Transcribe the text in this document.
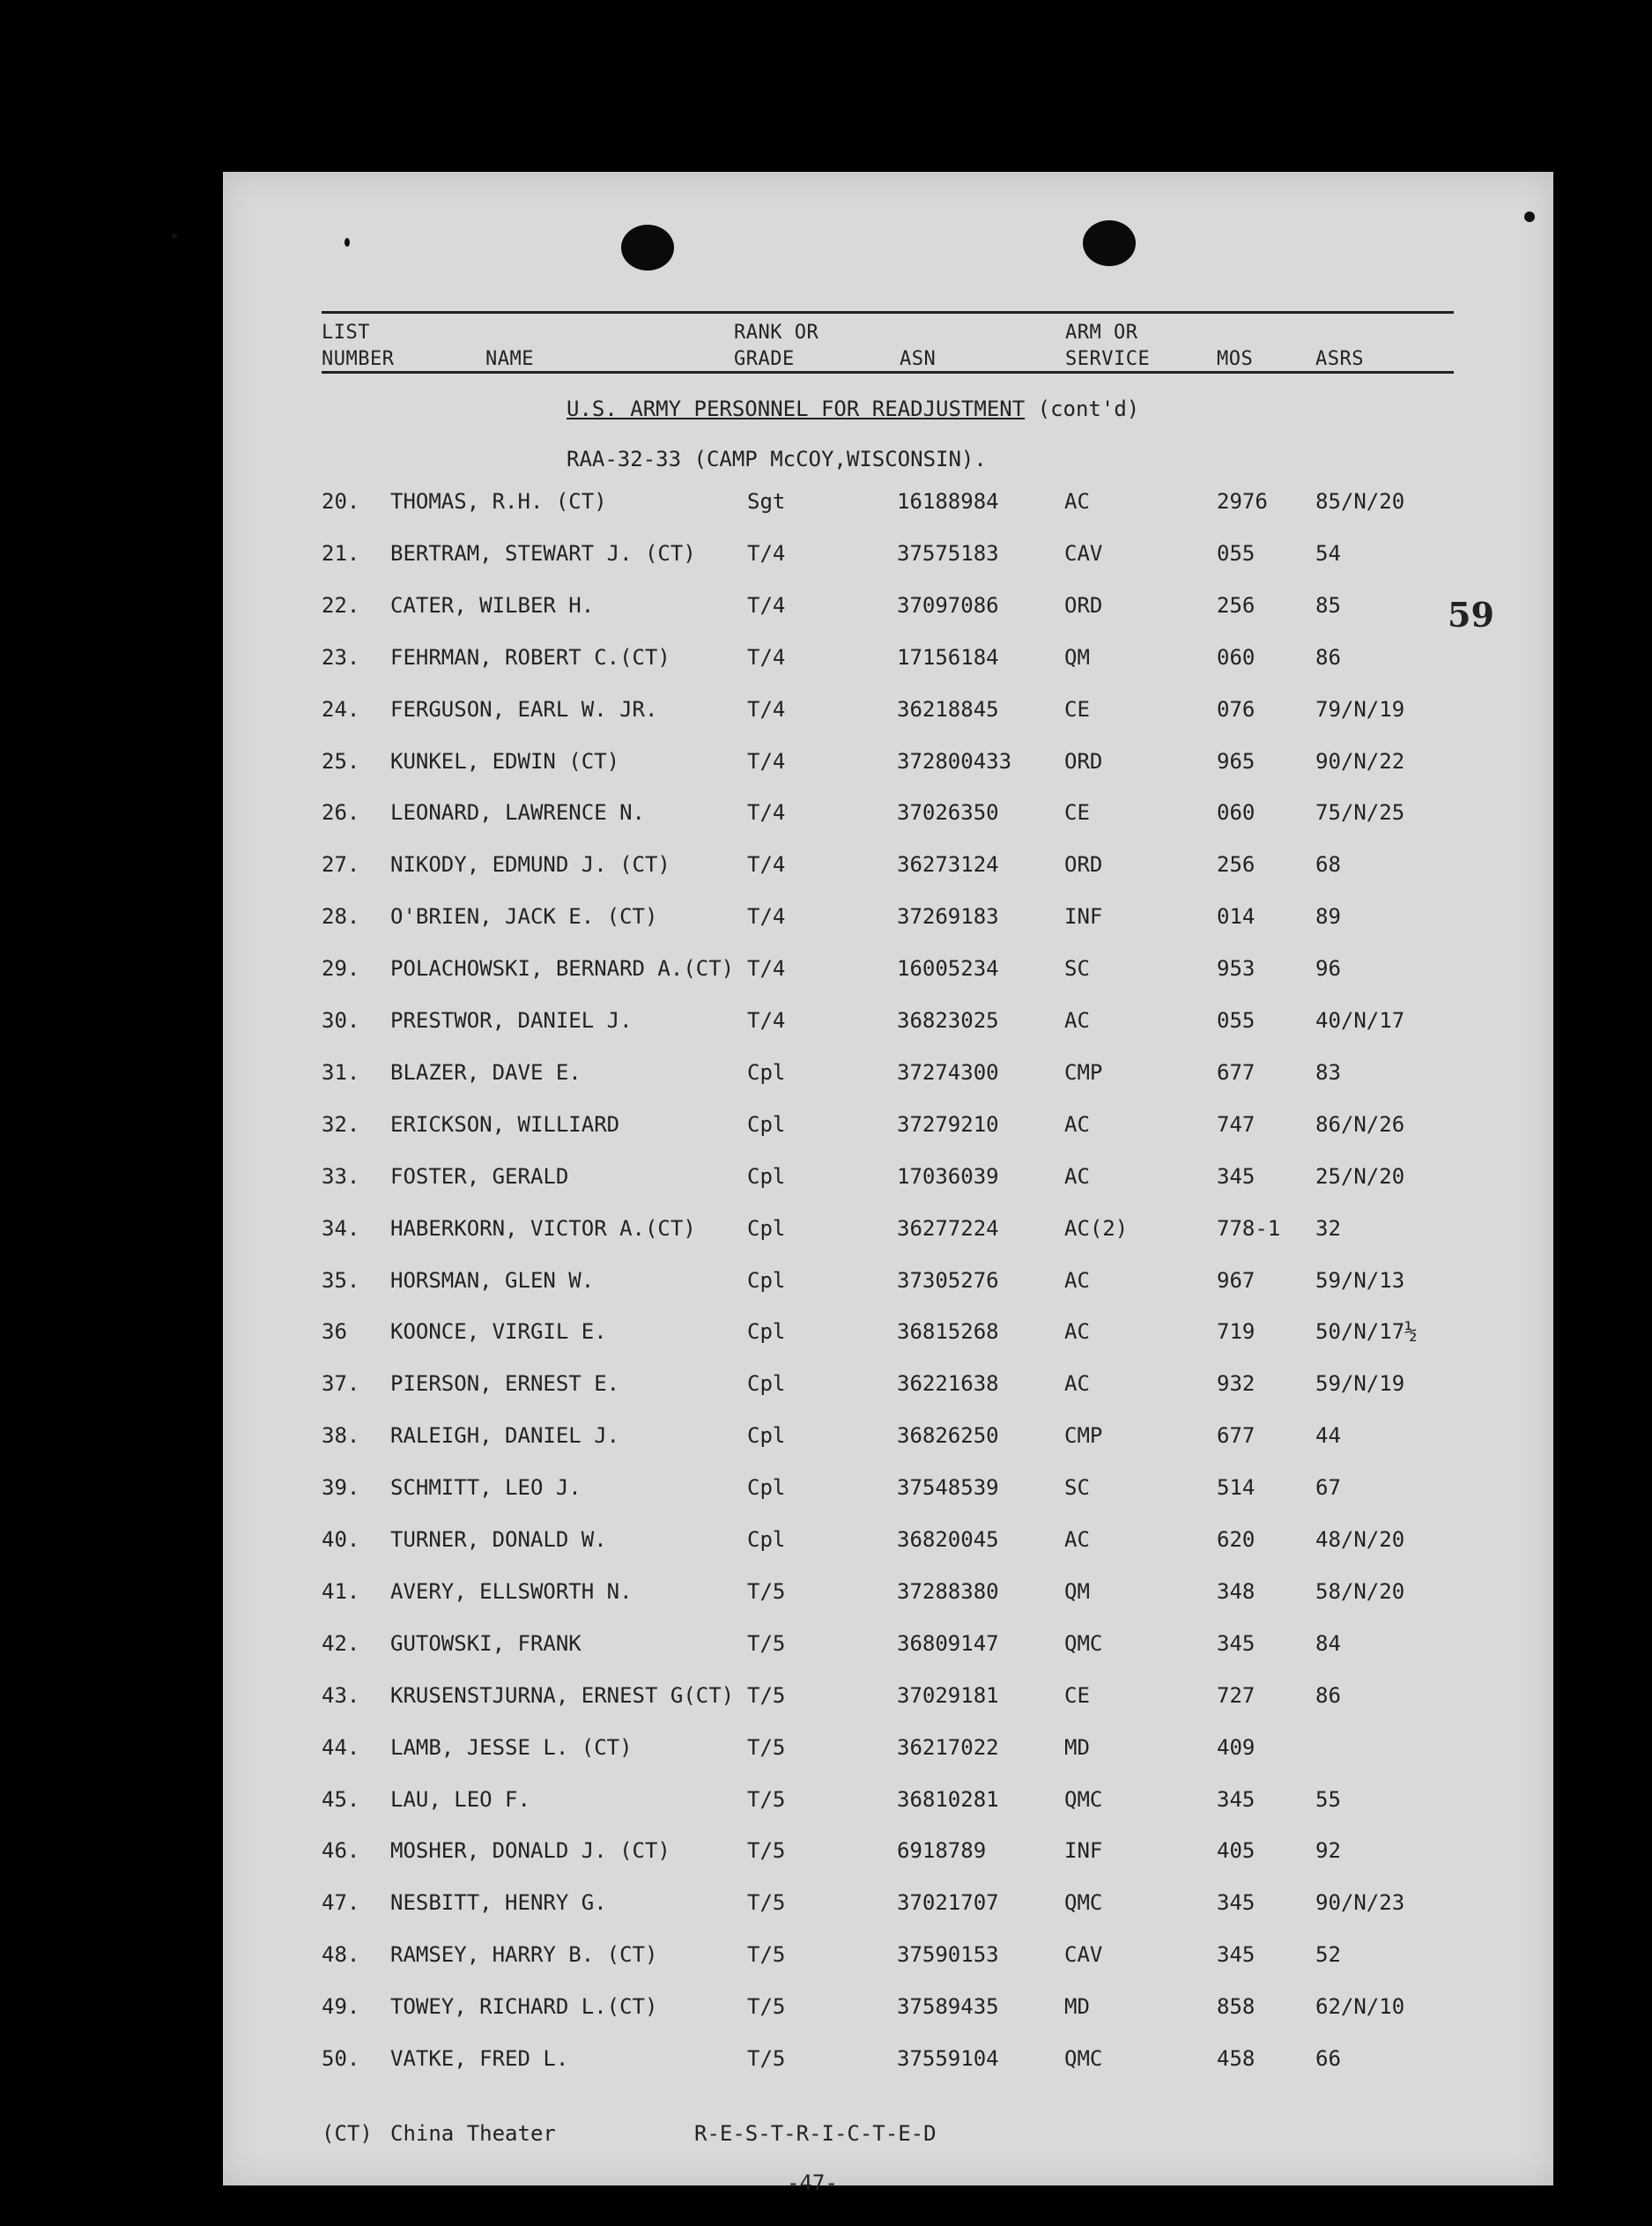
LIST
NUMBER	NAME
RANK OR
GRADE	ASN
ARM OR
SERVICE	MOS	ASRS
U.S. ARMY PERSONNEL FOR READJUSTMENT (cont'd)
RAA-32-33 (CAMP McCOY,WISCONSIN).
59
20. THOMAS, R.H. (CT)	Sgt	16188984	AC	2976 85/N/20
21. BERTRAM, STEWART J. (CT) T/4	37575183	CAV	055	54
22. CATER, WILBER H.	T/4	37097086	ORD	256	85
23. FEHRMAN, ROBERT C.(CT)	T/4	17156184	QM	060	86
24. FERGUSON, EARL W. JR.	T/4	36218845	CE	076	79/N/19
25. KUNKEL, EDWIN (CT)	T/4	372800433 ORD	965	90/N/22
26. LEONARD, LAWRENCE N.	T/4	37026350	CE	060	75/N/25
27. NIKODY, EDMUND J. (CT)	T/4	36273124	ORD	256	68
28. O'BRIEN, JACK E. (CT)	T/4	37269183	INF	014	89
29. POLACHOWSKI, BERNARD A.(CT) T/4	16005234	SC	953	96
30. PRESTWOR, DANIEL J.	T/4	36823025	AC	055	40/N/17
31. BLAZER, DAVE E.	Cpl	37274300	CMP	677	83
32. ERICKSON, WILLIARD	Cpl	37279210	AC	747	86/N/26
33. FOSTER, GERALD	Cpl	17036039	AC	345	25/N/20
34. HABERKORN, VICTOR A.(CT) Cpl	36277224	AC(2)	778-1 32
35. HORSMAN, GLEN W.	Cpl	37305276	AC	967	59/N/13
36 KOONCE, VIRGIL E.	Cpl	36815268	AC	719	50/N/17½
37. PIERSON, ERNEST E.	Cpl	36221638	AC	932	59/N/19
38. RALEIGH, DANIEL J.	Cpl	36826250	CMP	677	44
39. SCHMITT, LEO J.	Cpl	37548539	SC	514	67
40. TURNER, DONALD W.	Cpl	36820045	AC	620	48/N/20
41. AVERY, ELLSWORTH N.	T/5	37288380	QM	348	58/N/20
42. GUTOWSKI, FRANK	T/5	36809147	QMC	345	84
43. KRUSENSTJURNA, ERNEST G(CT) T/5	37029181	CE	727	86
44. LAMB, JESSE L. (CT)	T/5	36217022	MD	409
45. LAU, LEO F.	T/5	36810281	QMC	345	55
46. MOSHER, DONALD J. (CT)	T/5	6918789	INF	405	92
47. NESBITT, HENRY G.	T/5	37021707	QMC	345	90/N/23
48. RAMSEY, HARRY B. (CT)	T/5	37590153	CAV	345	52
49. TOWEY, RICHARD L.(CT)	T/5	37589435	MD	858	62/N/10
50. VATKE, FRED L.	T/5	37559104	QMC	458	66
(CT) China Theater	R-E-S-T-R-I-C-T-E-D
-47-
